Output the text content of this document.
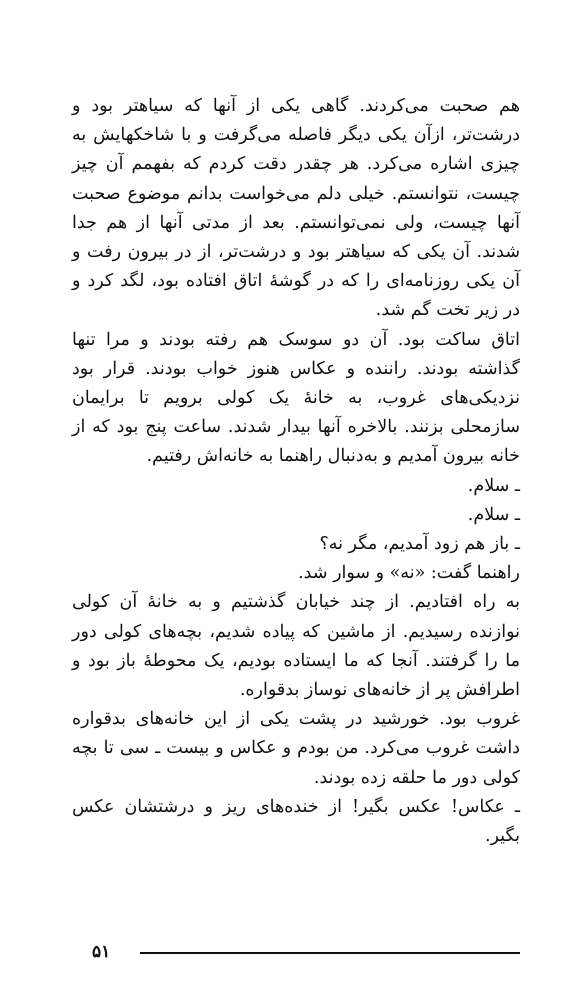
هم صحبت می‌کردند. گاهی یکی از آنها که سیاهتر بود و درشت‌تر، ازآن یکی دیگر فاصله می‌گرفت و با شاخکهایش به چیزی اشاره می‌کرد. هر چقدر دقت کردم که بفهمم آن چیز چیست، نتوانستم. خیلی دلم می‌خواست بدانم موضوع صحبت آنها چیست، ولی نمی‌توانستم. بعد از مدتی آنها از هم جدا شدند. آن یکی که سیاهتر بود و درشت‌تر، از در بیرون رفت و آن یکی روزنامه‌ای را که در گوشهٔ اتاق افتاده بود، لگد کرد و در زیر تخت گم شد.

اتاق ساکت بود. آن دو سوسک هم رفته بودند و مرا تنها گذاشته بودند. راننده و عکاس هنوز خواب بودند. قرار بود نزدیکی‌های غروب، به خانهٔ یک کولی برویم تا برایمان سازمحلی بزنند. بالاخره آنها بیدار شدند. ساعت پنج بود که از خانه بیرون آمدیم و به‌دنبال راهنما به خانه‌اش رفتیم.

ـ سلام.

ـ سلام.

ـ باز هم زود آمدیم، مگر نه؟

راهنما گفت: «نه» و سوار شد.

به راه افتادیم. از چند خیابان گذشتیم و به خانهٔ آن کولی نوازنده رسیدیم. از ماشین که پیاده شدیم، بچه‌های کولی دور ما را گرفتند. آنجا که ما ایستاده بودیم، یک محوطهٔ باز بود و اطرافش پر از خانه‌های نوساز بدقواره.

غروب بود. خورشید در پشت یکی از این خانه‌های بدقواره داشت غروب می‌کرد. من بودم و عکاس و بیست ـ سی تا بچه کولی دور ما حلقه زده بودند.

ـ عکاس! عکس بگیر! از خنده‌های ریز و درشتشان عکس بگیر.

۵۱
